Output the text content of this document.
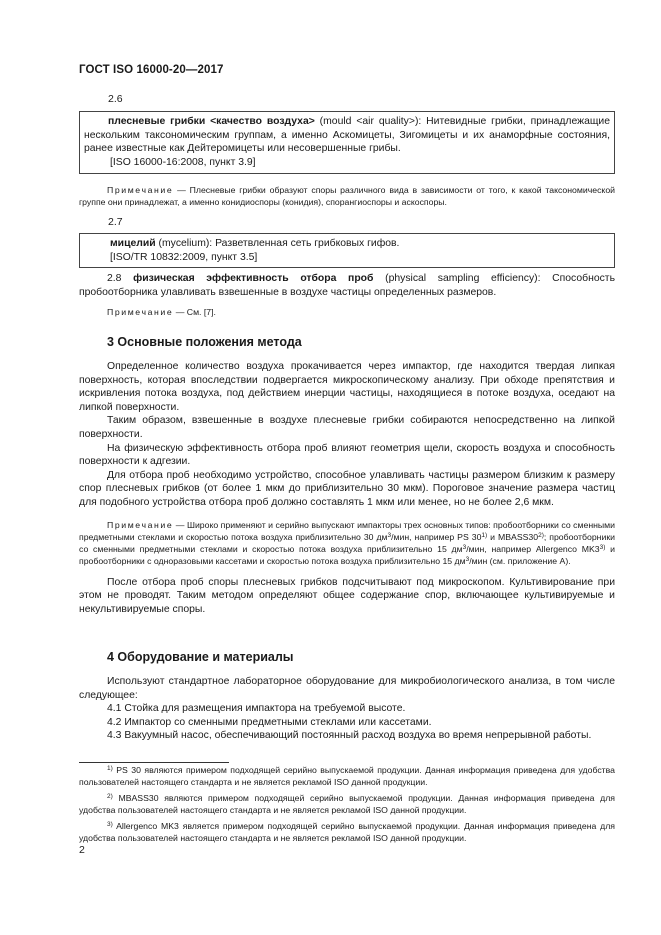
ГОСТ ISO 16000-20—2017
2.6
плесневые грибки <качество воздуха> (mould <air quality>): Нитевидные грибки, принадлежащие нескольким таксономическим группам, а именно Аскомицеты, Зигомицеты и их анаморфные состояния, ранее известные как Дейтеромицеты или несовершенные грибы.
[ISO 16000-16:2008, пункт 3.9]
Примечание — Плесневые грибки образуют споры различного вида в зависимости от того, к какой таксономической группе они принадлежат, а именно конидиоспоры (конидия), спорангиоспоры и аскоспоры.
2.7
мицелий (mycelium): Разветвленная сеть грибковых гифов.
[ISO/TR 10832:2009, пункт 3.5]
2.8 физическая эффективность отбора проб (physical sampling efficiency): Способность пробоотборника улавливать взвешенные в воздухе частицы определенных размеров.
Примечание — См. [7].
3 Основные положения метода
Определенное количество воздуха прокачивается через импактор, где находится твердая липкая поверхность, которая впоследствии подвергается микроскопическому анализу. При обходе препятствия и искривления потока воздуха, под действием инерции частицы, находящиеся в потоке воздуха, оседают на липкой поверхности.
Таким образом, взвешенные в воздухе плесневые грибки собираются непосредственно на липкой поверхности.
На физическую эффективность отбора проб влияют геометрия щели, скорость воздуха и способность поверхности к адгезии.
Для отбора проб необходимо устройство, способное улавливать частицы размером близким к размеру спор плесневых грибков (от более 1 мкм до приблизительно 30 мкм). Пороговое значение размера частиц для подобного устройства отбора проб должно составлять 1 мкм или менее, но не более 2,6 мкм.
Примечание — Широко применяют и серийно выпускают импакторы трех основных типов: пробоотборники со сменными предметными стеклами и скоростью потока воздуха приблизительно 30 $дм^3$/мин, например PS 30$^{1)}$ и MBASS30$^{2)}$; пробоотборники со сменными предметными стеклами и скоростью потока воздуха приблизительно 15 $дм^3$/мин, например Allergenco MK3$^{3)}$ и пробоотборники с одноразовыми кассетами и скоростью потока воздуха приблизительно 15 $дм^3$/мин (см. приложение А).
После отбора проб споры плесневых грибков подсчитывают под микроскопом. Культивирование при этом не проводят. Таким методом определяют общее содержание спор, включающее культивируемые и некультивируемые споры.
4 Оборудование и материалы
Используют стандартное лабораторное оборудование для микробиологического анализа, в том числе следующее:
4.1 Стойка для размещения импактора на требуемой высоте.
4.2 Импактор со сменными предметными стеклами или кассетами.
4.3 Вакуумный насос, обеспечивающий постоянный расход воздуха во время непрерывной работы.
$^{1)}$ PS 30 являются примером подходящей серийно выпускаемой продукции. Данная информация приведена для удобства пользователей настоящего стандарта и не является рекламой ISO данной продукции.
$^{2)}$ MBASS30 являются примером подходящей серийно выпускаемой продукции. Данная информация приведена для удобства пользователей настоящего стандарта и не является рекламой ISO данной продукции.
$^{3)}$ Allergenco MK3 является примером подходящей серийно выпускаемой продукции. Данная информация приведена для удобства пользователей настоящего стандарта и не является рекламой ISO данной продукции.
2
